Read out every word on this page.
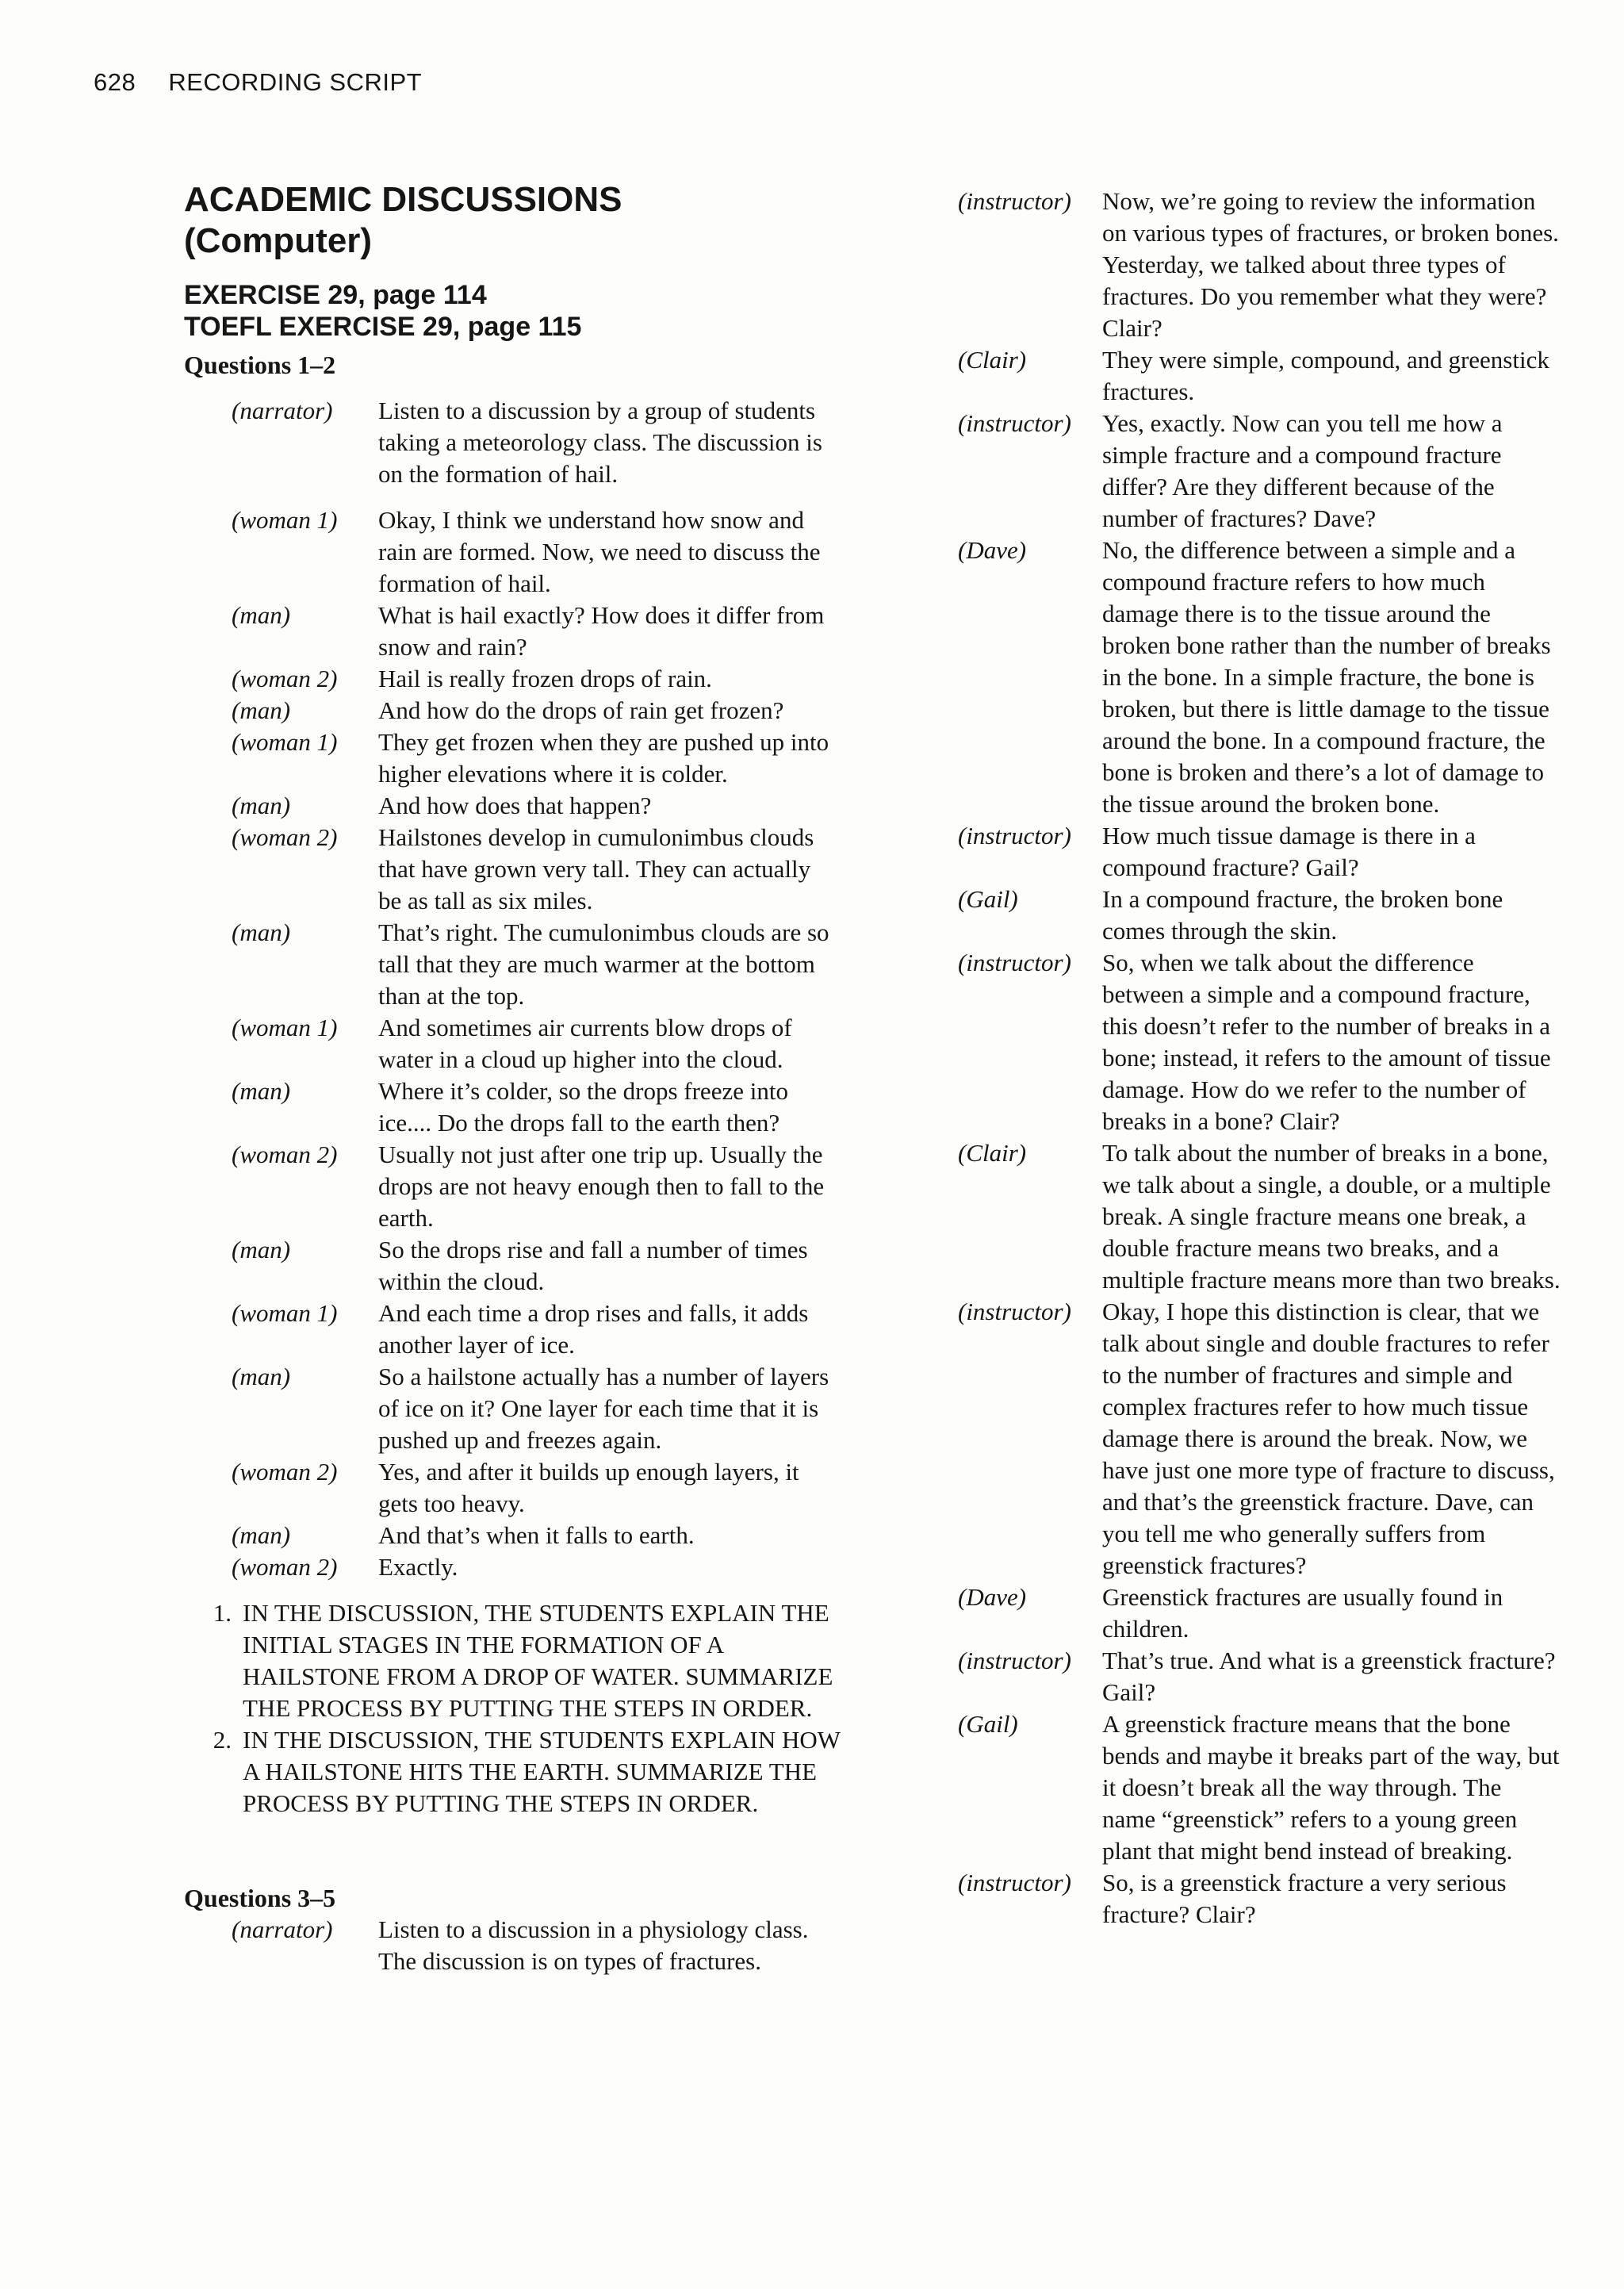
628 RECORDING SCRIPT
ACADEMIC DISCUSSIONS
(Computer)
EXERCISE 29, page 114
TOEFL EXERCISE 29, page 115
Questions 1–2
(narrator)	Listen to a discussion by a group of students taking a meteorology class. The discussion is on the formation of hail.
(woman 1)	Okay, I think we understand how snow and rain are formed. Now, we need to discuss the formation of hail.
(man)	What is hail exactly? How does it differ from snow and rain?
(woman 2)	Hail is really frozen drops of rain.
(man)	And how do the drops of rain get frozen?
(woman 1)	They get frozen when they are pushed up into higher elevations where it is colder.
(man)	And how does that happen?
(woman 2)	Hailstones develop in cumulonimbus clouds that have grown very tall. They can actually be as tall as six miles.
(man)	That’s right. The cumulonimbus clouds are so tall that they are much warmer at the bottom than at the top.
(woman 1)	And sometimes air currents blow drops of water in a cloud up higher into the cloud.
(man)	Where it’s colder, so the drops freeze into ice.... Do the drops fall to the earth then?
(woman 2)	Usually not just after one trip up. Usually the drops are not heavy enough then to fall to the earth.
(man)	So the drops rise and fall a number of times within the cloud.
(woman 1)	And each time a drop rises and falls, it adds another layer of ice.
(man)	So a hailstone actually has a number of layers of ice on it? One layer for each time that it is pushed up and freezes again.
(woman 2)	Yes, and after it builds up enough layers, it gets too heavy.
(man)	And that’s when it falls to earth.
(woman 2)	Exactly.
1. IN THE DISCUSSION, THE STUDENTS EXPLAIN THE INITIAL STAGES IN THE FORMATION OF A HAILSTONE FROM A DROP OF WATER. SUMMARIZE THE PROCESS BY PUTTING THE STEPS IN ORDER.
2. IN THE DISCUSSION, THE STUDENTS EXPLAIN HOW A HAILSTONE HITS THE EARTH. SUMMARIZE THE PROCESS BY PUTTING THE STEPS IN ORDER.
Questions 3–5
(narrator)	Listen to a discussion in a physiology class. The discussion is on types of fractures.
(instructor)	Now, we’re going to review the information on various types of fractures, or broken bones. Yesterday, we talked about three types of fractures. Do you remember what they were? Clair?
(Clair)	They were simple, compound, and greenstick fractures.
(instructor)	Yes, exactly. Now can you tell me how a simple fracture and a compound fracture differ? Are they different because of the number of fractures? Dave?
(Dave)	No, the difference between a simple and a compound fracture refers to how much damage there is to the tissue around the broken bone rather than the number of breaks in the bone. In a simple fracture, the bone is broken, but there is little damage to the tissue around the bone. In a compound fracture, the bone is broken and there’s a lot of damage to the tissue around the broken bone.
(instructor)	How much tissue damage is there in a compound fracture? Gail?
(Gail)	In a compound fracture, the broken bone comes through the skin.
(instructor)	So, when we talk about the difference between a simple and a compound fracture, this doesn’t refer to the number of breaks in a bone; instead, it refers to the amount of tissue damage. How do we refer to the number of breaks in a bone? Clair?
(Clair)	To talk about the number of breaks in a bone, we talk about a single, a double, or a multiple break. A single fracture means one break, a double fracture means two breaks, and a multiple fracture means more than two breaks.
(instructor)	Okay, I hope this distinction is clear, that we talk about single and double fractures to refer to the number of fractures and simple and complex fractures refer to how much tissue damage there is around the break. Now, we have just one more type of fracture to discuss, and that’s the greenstick fracture. Dave, can you tell me who generally suffers from greenstick fractures?
(Dave)	Greenstick fractures are usually found in children.
(instructor)	That’s true. And what is a greenstick fracture? Gail?
(Gail)	A greenstick fracture means that the bone bends and maybe it breaks part of the way, but it doesn’t break all the way through. The name “greenstick” refers to a young green plant that might bend instead of breaking.
(instructor)	So, is a greenstick fracture a very serious fracture? Clair?
